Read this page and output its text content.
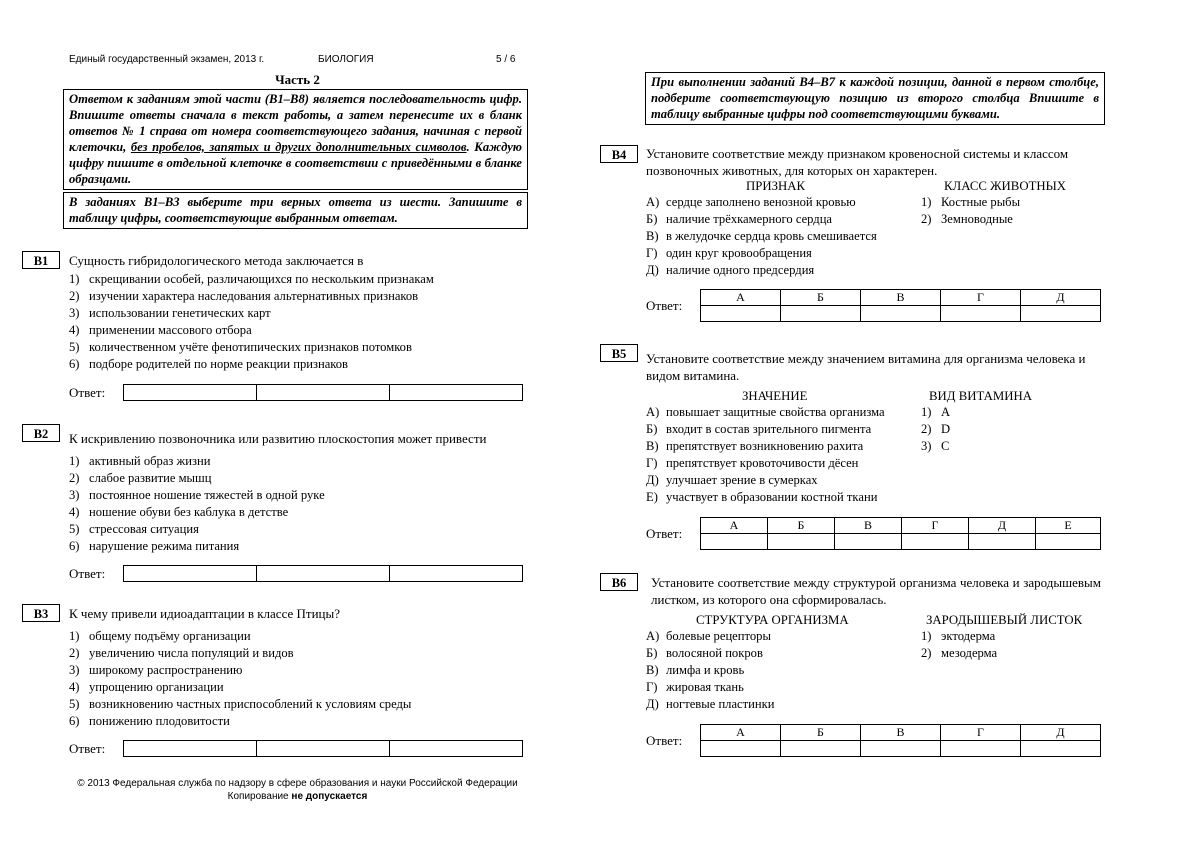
Единый государственный экзамен, 2013 г.	БИОЛОГИЯ	5 / 6
Часть 2
Ответом к заданиям этой части (В1–В8) является последовательность цифр. Впишите ответы сначала в текст работы, а затем перенесите их в бланк ответов № 1 справа от номера соответствующего задания, начиная с первой клеточки, без пробелов, запятых и других дополнительных символов. Каждую цифру пишите в отдельной клеточке в соответствии с приведёнными в бланке образцами.
В заданиях В1–В3 выберите три верных ответа из шести. Запишите в таблицу цифры, соответствующие выбранным ответам.
При выполнении заданий В4–В7 к каждой позиции, данной в первом столбце, подберите соответствующую позицию из второго столбца Впишите в таблицу выбранные цифры под соответствующими буквами.
В1	Сущность гибридологического метода заключается в
1) скрещивании особей, различающихся по нескольким признакам
2) изучении характера наследования альтернативных признаков
3) использовании генетических карт
4) применении массового отбора
5) количественном учёте фенотипических признаков потомков
6) подборе родителей по норме реакции признаков
Ответ:

В2	К искривлению позвоночника или развитию плоскостопия может привести
1) активный образ жизни
2) слабое развитие мышц
3) постоянное ношение тяжестей в одной руке
4) ношение обуви без каблука в детстве
5) стрессовая ситуация
6) нарушение режима питания
Ответ:

В3	К чему привели идиоадаптации в классе Птицы?
1) общему подъёму организации
2) увеличению числа популяций и видов
3) широкому распространению
4) упрощению организации
5) возникновению частных приспособлений к условиям среды
6) понижению плодовитости
Ответ:

© 2013 Федеральная служба по надзору в сфере образования и науки Российской Федерации
Копирование не допускается
В4	Установите соответствие между признаком кровеносной системы и классом позвоночных животных, для которых он характерен.
ПРИЗНАК	КЛАСС ЖИВОТНЫХ
А) сердце заполнено венозной кровью
Б) наличие трёхкамерного сердца
В) в желудочке сердца кровь смешивается
Г) один круг кровообращения
Д) наличие одного предсердия
1) Костные рыбы
2) Земноводные
Ответ:
А	Б	В	Г	Д

В5	Установите соответствие между значением витамина для организма человека и видом витамина.
ЗНАЧЕНИЕ	ВИД ВИТАМИНА
А) повышает защитные свойства организма
Б) входит в состав зрительного пигмента
В) препятствует возникновению рахита
Г) препятствует кровоточивости дёсен
Д) улучшает зрение в сумерках
Е) участвует в образовании костной ткани
1) A
2) D
3) C
Ответ:
А	Б	В	Г	Д	Е

В6	Установите соответствие между структурой организма человека и зародышевым листком, из которого она сформировалась.
СТРУКТУРА ОРГАНИЗМА	ЗАРОДЫШЕВЫЙ ЛИСТОК
А) болевые рецепторы
Б) волосяной покров
В) лимфа и кровь
Г) жировая ткань
Д) ногтевые пластинки
1) эктодерма
2) мезодерма
Ответ:
А	Б	В	Г	Д
